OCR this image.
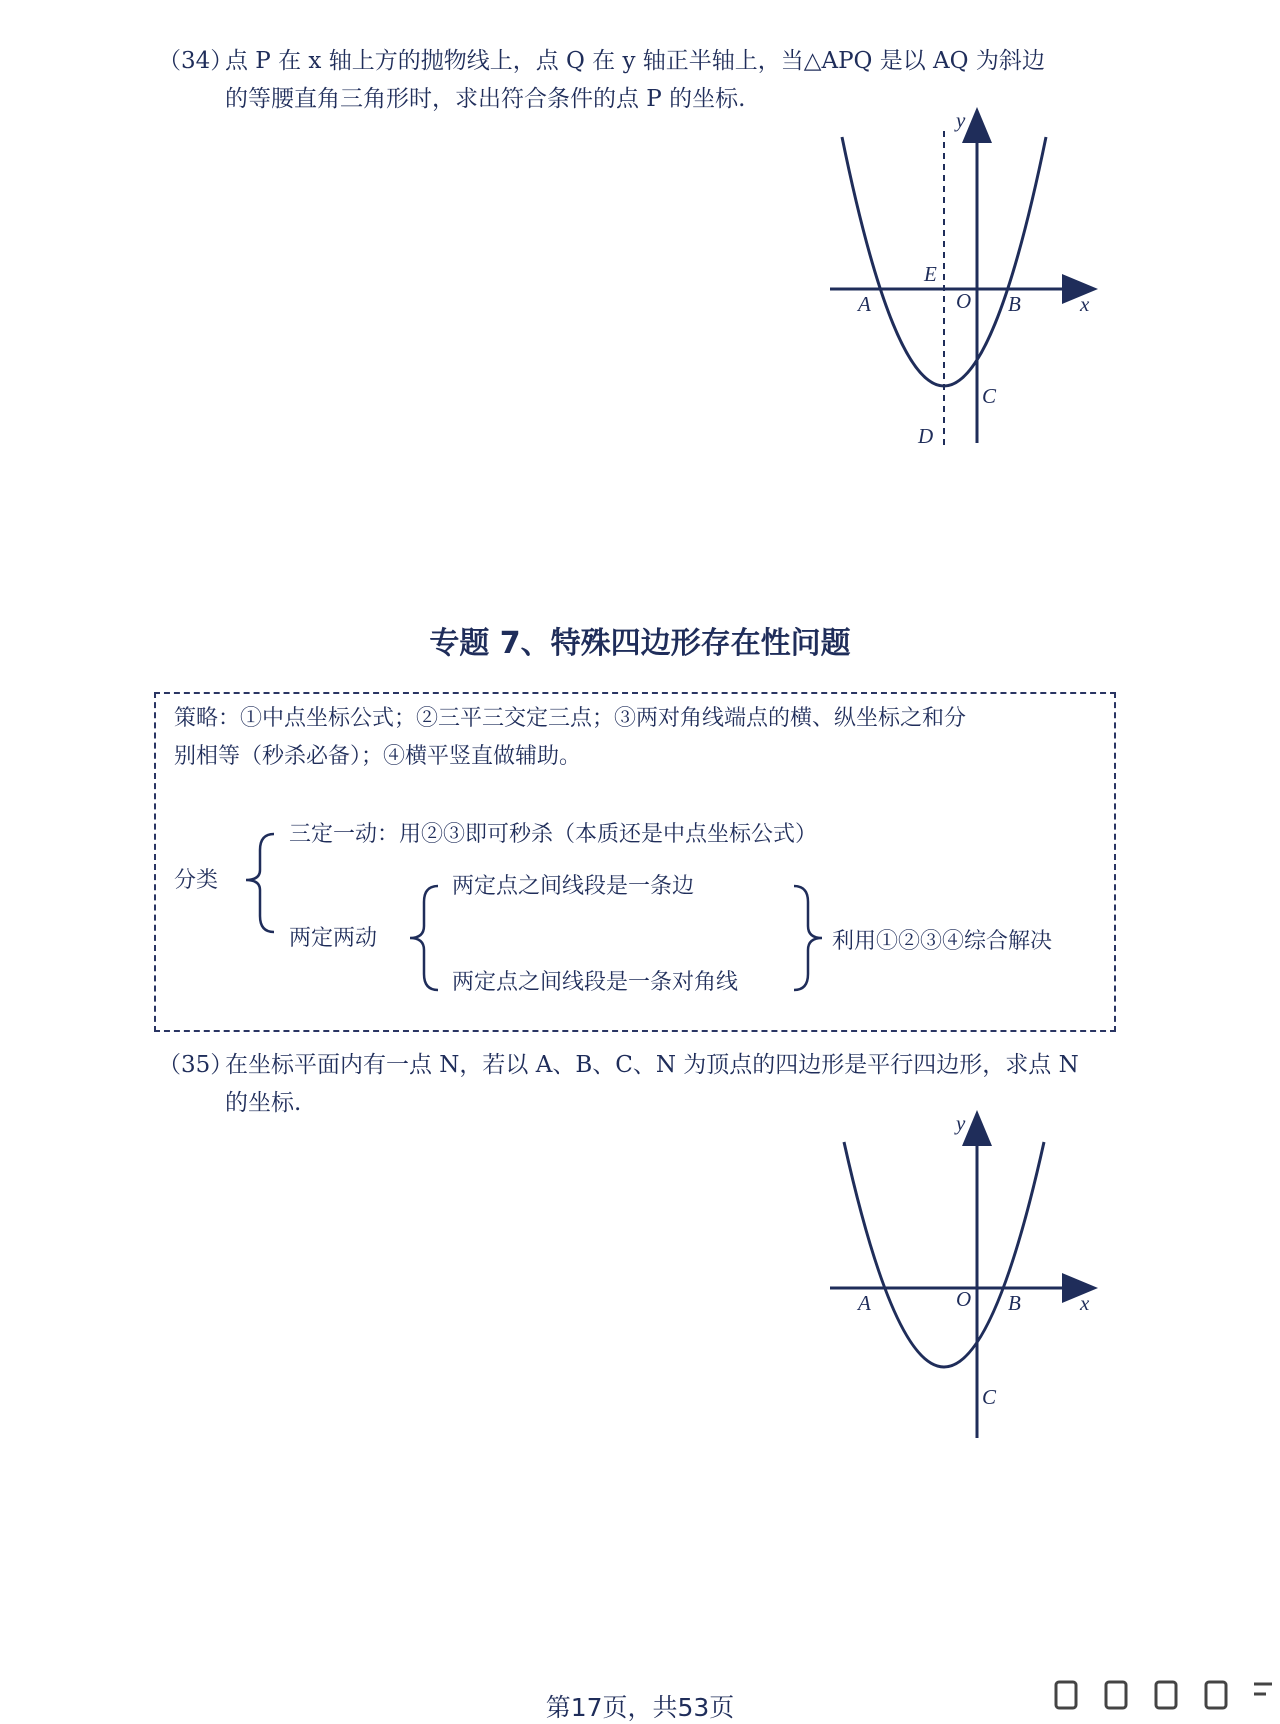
（34）
点 P 在 x 轴上方的抛物线上，点 Q 在 y 轴正半轴上，当△APQ 是以 AQ 为斜边
的等腰直角三角形时，求出符合条件的点 P 的坐标.
y
x
A	B
O
E
C
D
专题 7、特殊四边形存在性问题
策略：①中点坐标公式；②三平三交定三点；③两对角线端点的横、纵坐标之和分
别相等（秒杀必备）；④横平竖直做辅助。
分类
三定一动：用②③即可秒杀（本质还是中点坐标公式）
两定两动
两定点之间线段是一条边
两定点之间线段是一条对角线
利用①②③④综合解决
（35）
在坐标平面内有一点 N，若以 A、B、C、N 为顶点的四边形是平行四边形，求点 N
的坐标.
y
x
A	B
O
C
第17页，共53页
